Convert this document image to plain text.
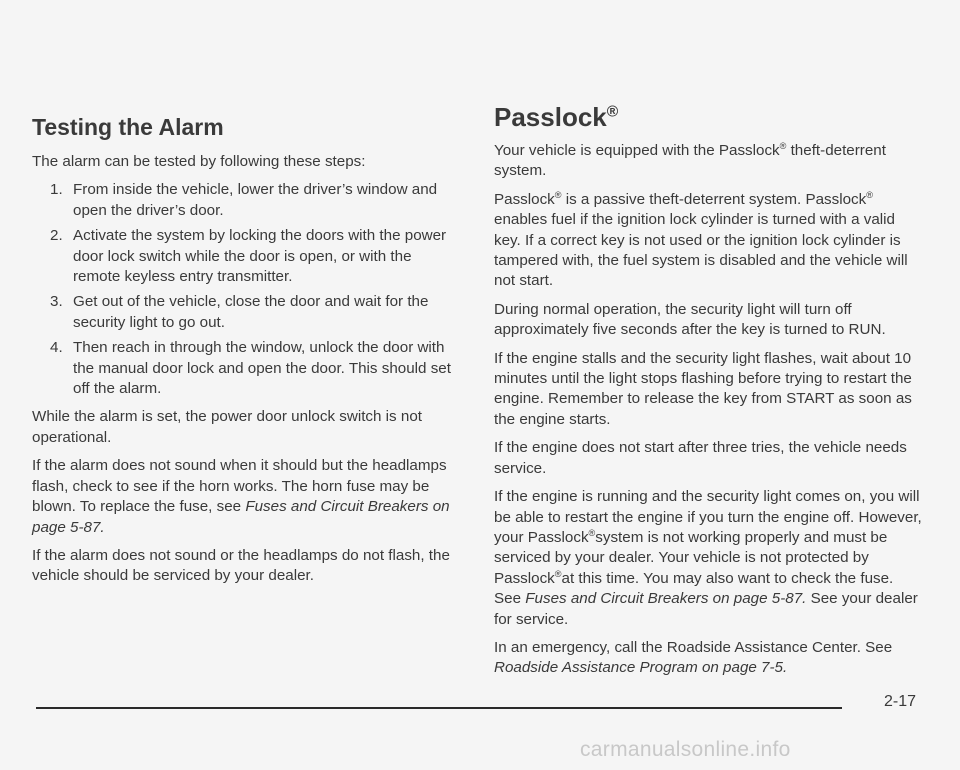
Testing the Alarm

The alarm can be tested by following these steps:

1. From inside the vehicle, lower the driver’s window and open the driver’s door.
2. Activate the system by locking the doors with the power door lock switch while the door is open, or with the remote keyless entry transmitter.
3. Get out of the vehicle, close the door and wait for the security light to go out.
4. Then reach in through the window, unlock the door with the manual door lock and open the door. This should set off the alarm.

While the alarm is set, the power door unlock switch is not operational.

If the alarm does not sound when it should but the headlamps flash, check to see if the horn works. The horn fuse may be blown. To replace the fuse, see Fuses and Circuit Breakers on page 5-87.

If the alarm does not sound or the headlamps do not flash, the vehicle should be serviced by your dealer.

Passlock®

Your vehicle is equipped with the Passlock® theft-deterrent system.

Passlock® is a passive theft-deterrent system. Passlock® enables fuel if the ignition lock cylinder is turned with a valid key. If a correct key is not used or the ignition lock cylinder is tampered with, the fuel system is disabled and the vehicle will not start.

During normal operation, the security light will turn off approximately five seconds after the key is turned to RUN.

If the engine stalls and the security light flashes, wait about 10 minutes until the light stops flashing before trying to restart the engine. Remember to release the key from START as soon as the engine starts.

If the engine does not start after three tries, the vehicle needs service.

If the engine is running and the security light comes on, you will be able to restart the engine if you turn the engine off. However, your Passlock®system is not working properly and must be serviced by your dealer. Your vehicle is not protected by Passlock®at this time. You may also want to check the fuse. See Fuses and Circuit Breakers on page 5-87. See your dealer for service.

In an emergency, call the Roadside Assistance Center. See Roadside Assistance Program on page 7-5.

2-17
carmanualsonline.info
